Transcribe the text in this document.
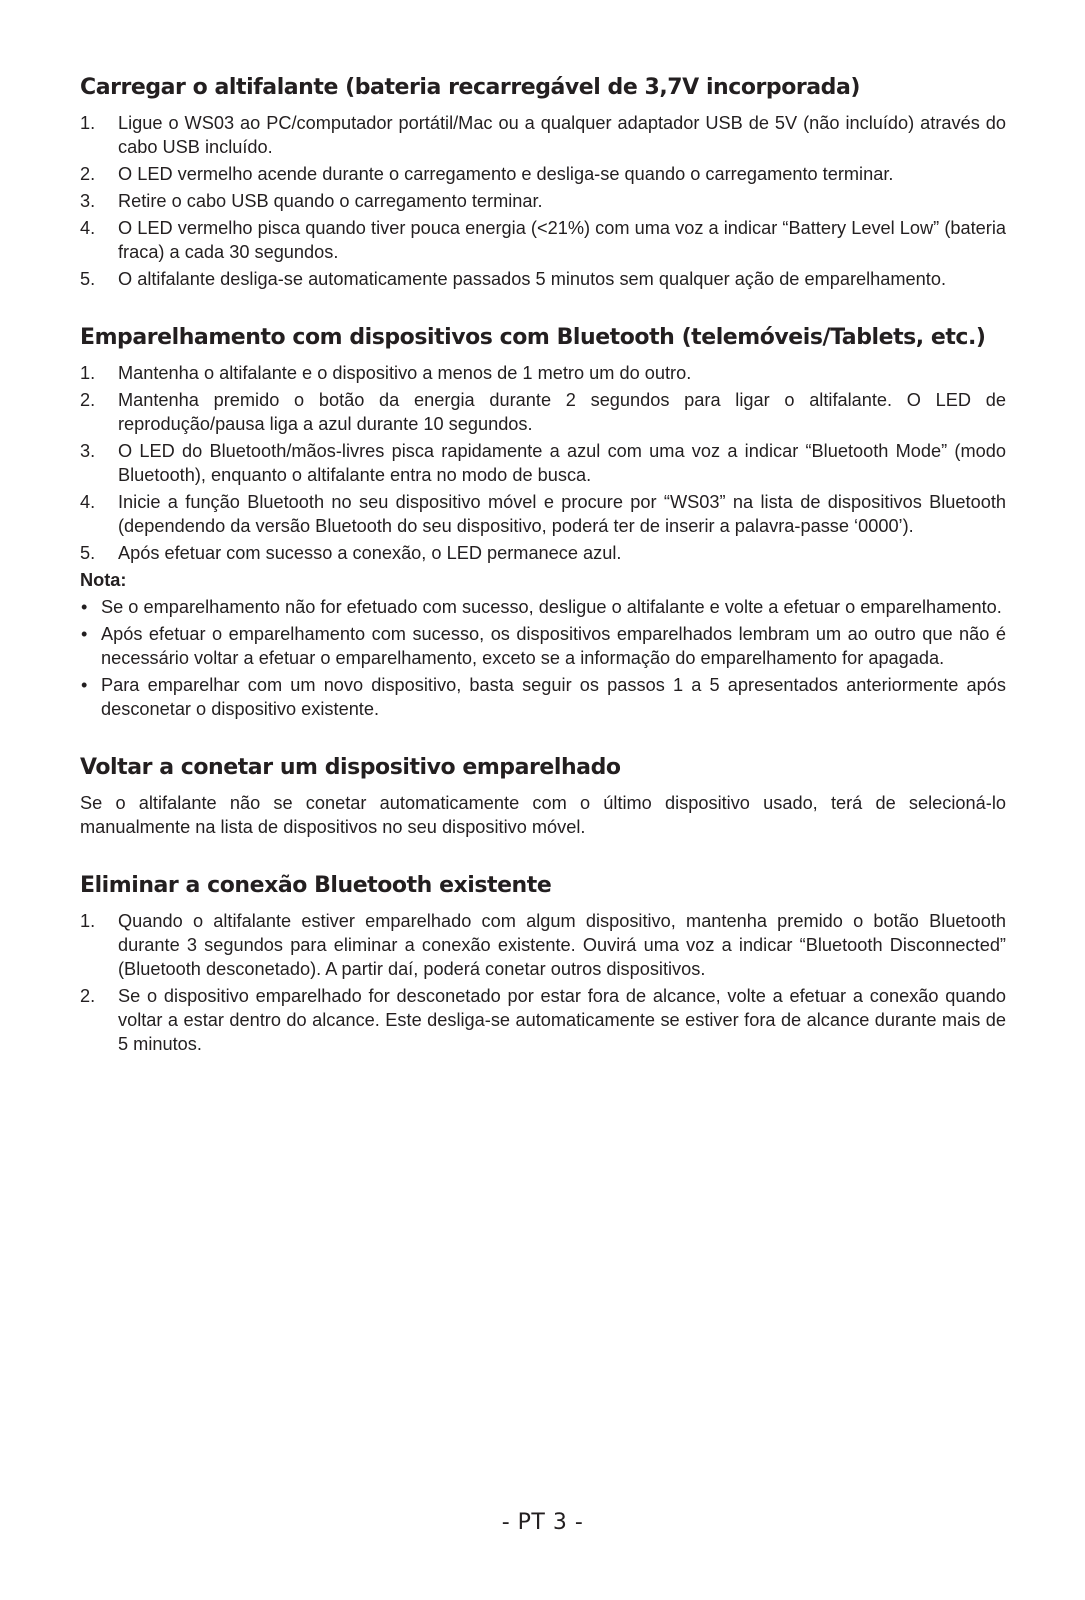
Carregar o altifalante (bateria recarregável de 3,7V incorporada)
1. Ligue o WS03 ao PC/computador portátil/Mac ou a qualquer adaptador USB de 5V (não incluído) através do cabo USB incluído.
2. O LED vermelho acende durante o carregamento e desliga-se quando o carregamento terminar.
3. Retire o cabo USB quando o carregamento terminar.
4. O LED vermelho pisca quando tiver pouca energia (<21%) com uma voz a indicar “Battery Level Low” (bateria fraca) a cada 30 segundos.
5. O altifalante desliga-se automaticamente passados 5 minutos sem qualquer ação de emparelhamento.
Emparelhamento com dispositivos com Bluetooth (telemóveis/Tablets, etc.)
1. Mantenha o altifalante e o dispositivo a menos de 1 metro um do outro.
2. Mantenha premido o botão da energia durante 2 segundos para ligar o altifalante. O LED de reprodução/pausa liga a azul durante 10 segundos.
3. O LED do Bluetooth/mãos-livres pisca rapidamente a azul com uma voz a indicar “Bluetooth Mode” (modo Bluetooth), enquanto o altifalante entra no modo de busca.
4. Inicie a função Bluetooth no seu dispositivo móvel e procure por “WS03” na lista de dispositivos Bluetooth (dependendo da versão Bluetooth do seu dispositivo, poderá ter de inserir a palavra-passe ‘0000’).
5. Após efetuar com sucesso a conexão, o LED permanece azul.
Nota:
• Se o emparelhamento não for efetuado com sucesso, desligue o altifalante e volte a efetuar o emparelhamento.
• Após efetuar o emparelhamento com sucesso, os dispositivos emparelhados lembram um ao outro que não é necessário voltar a efetuar o emparelhamento, exceto se a informação do emparelhamento for apagada.
• Para emparelhar com um novo dispositivo, basta seguir os passos 1 a 5 apresentados anteriormente após desconetar o dispositivo existente.
Voltar a conetar um dispositivo emparelhado

Se o altifalante não se conetar automaticamente com o último dispositivo usado, terá de selecioná-lo manualmente na lista de dispositivos no seu dispositivo móvel.

Eliminar a conexão Bluetooth existente
1. Quando o altifalante estiver emparelhado com algum dispositivo, mantenha premido o botão Bluetooth durante 3 segundos para eliminar a conexão existente. Ouvirá uma voz a indicar “Bluetooth Disconnected” (Bluetooth desconetado). A partir daí, poderá conetar outros dispositivos.
2. Se o dispositivo emparelhado for desconetado por estar fora de alcance, volte a efetuar a conexão quando voltar a estar dentro do alcance. Este desliga-se automaticamente se estiver fora de alcance durante mais de 5 minutos.
- PT 3 -
